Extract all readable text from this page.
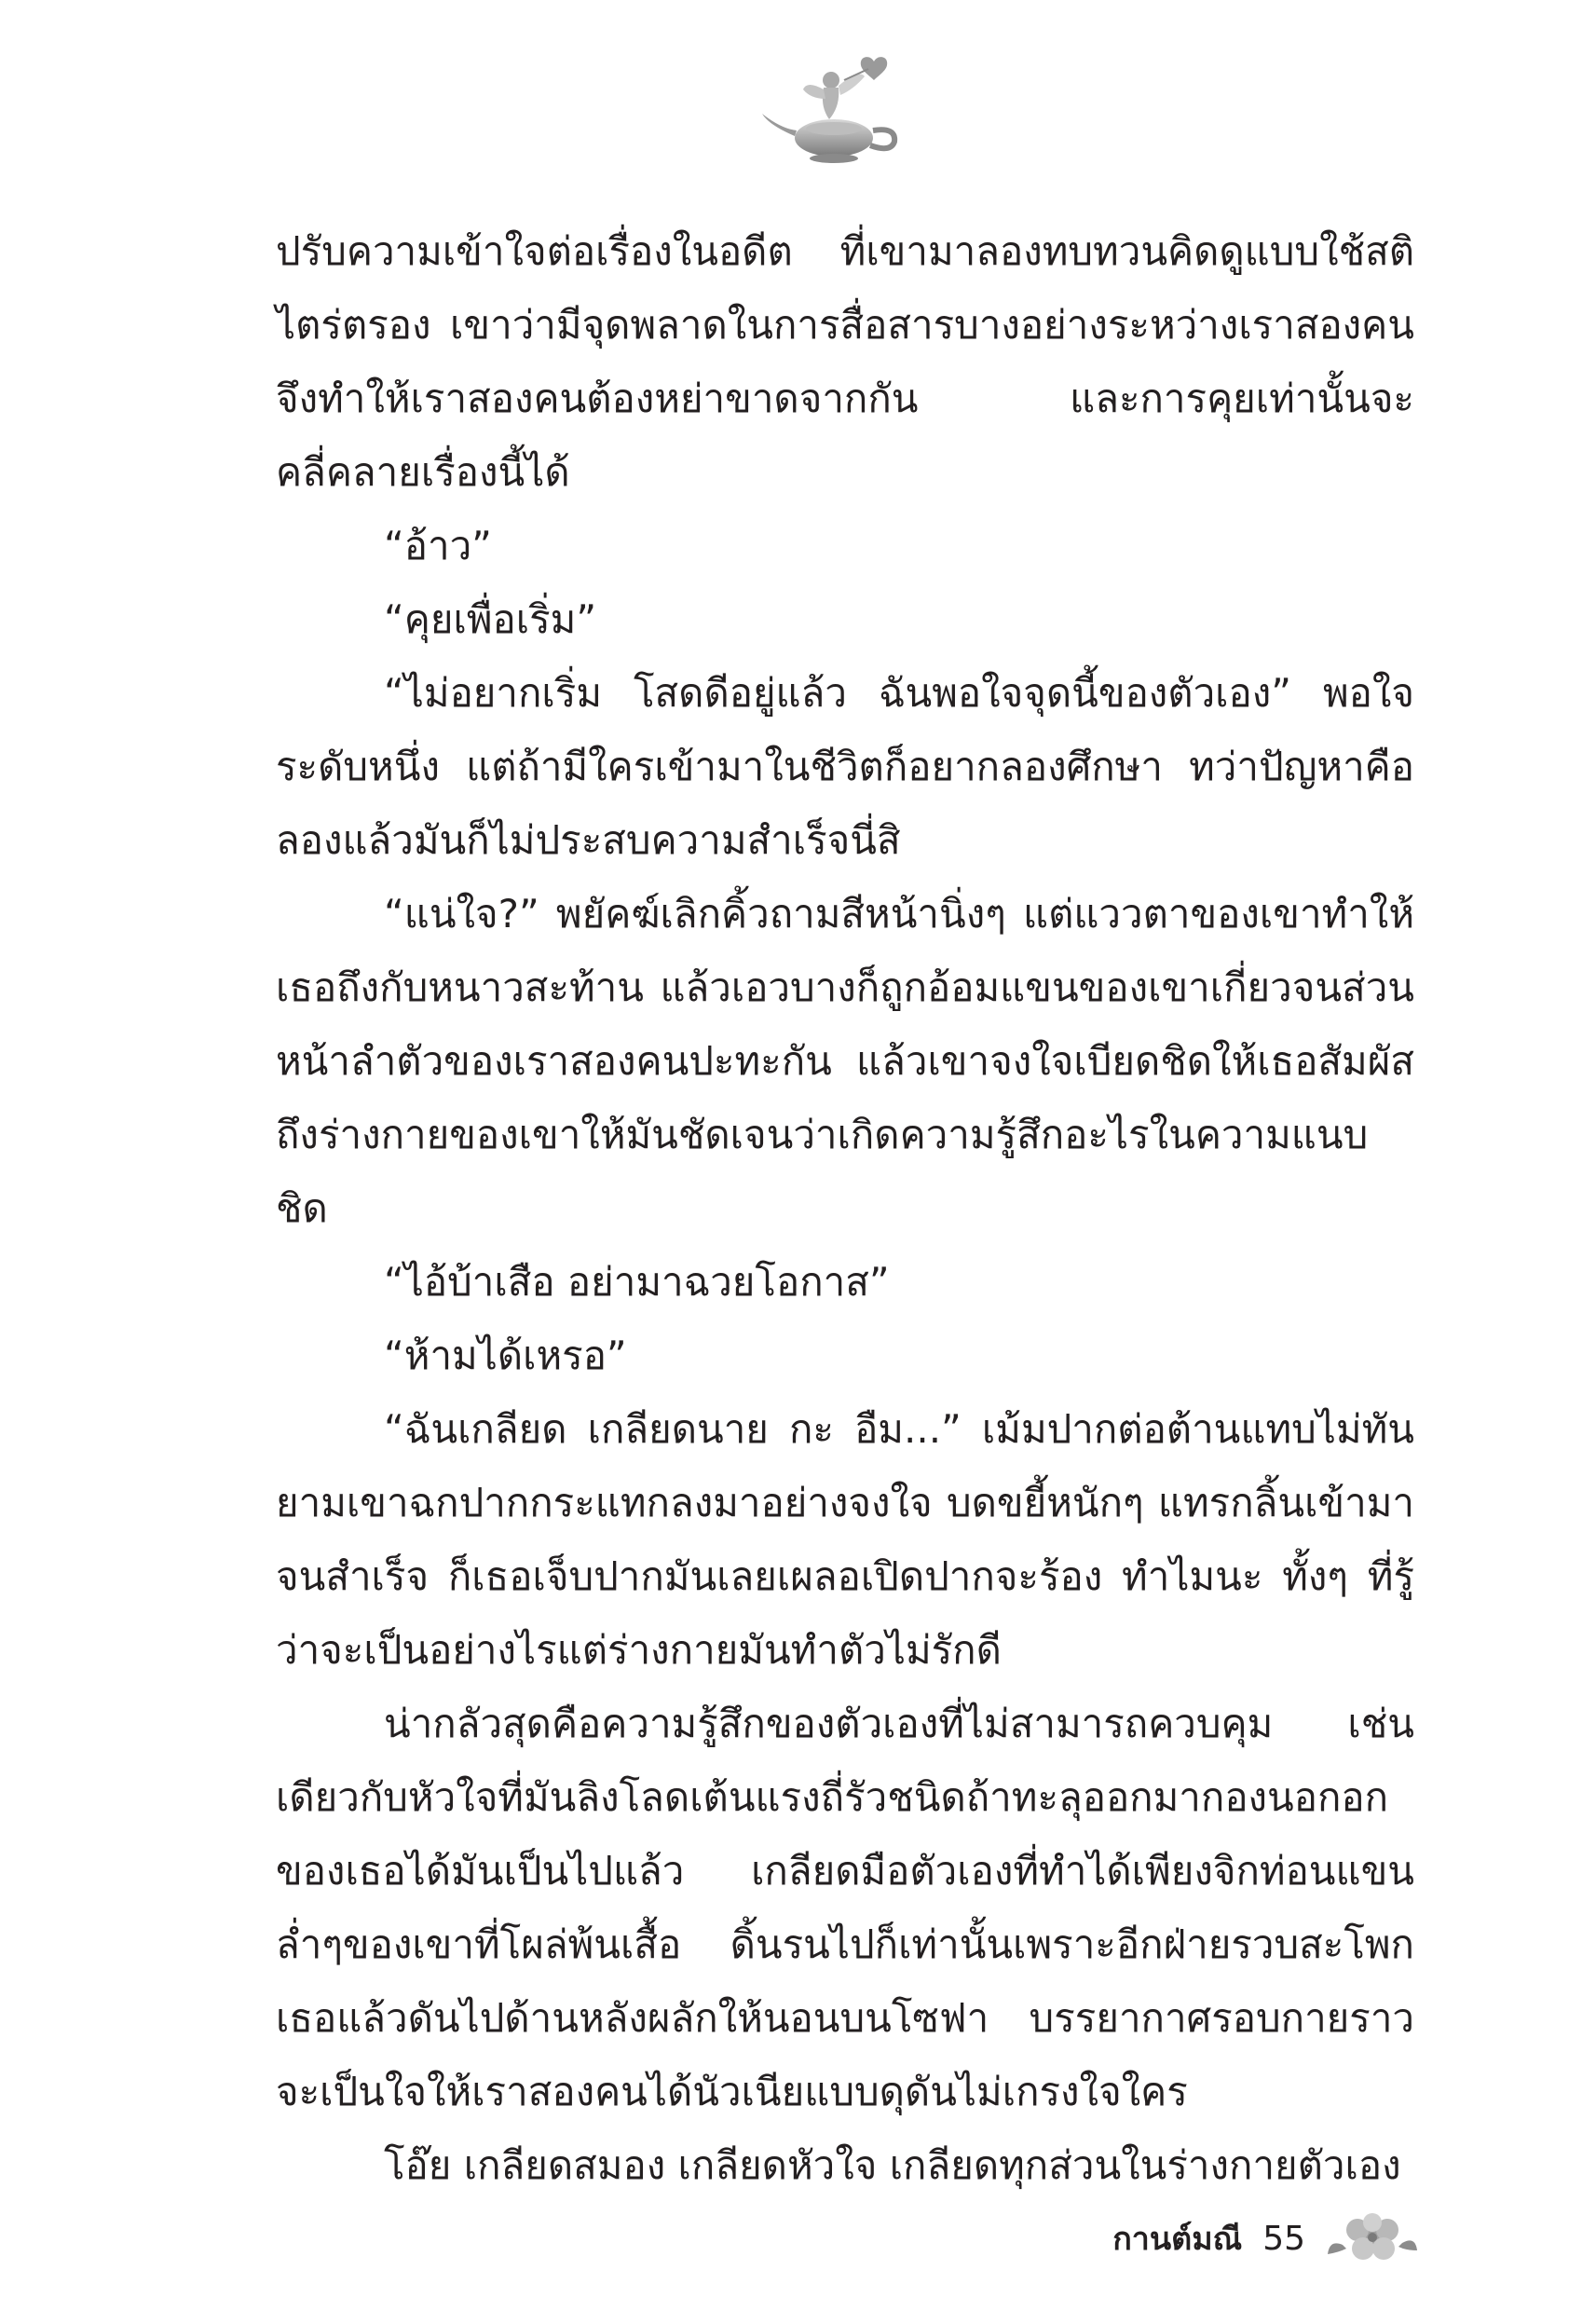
ปรับความเข้าใจต่อเรื่องในอดีต ที่เขามาลองทบทวนคิดดูแบบใช้สติไตร่ตรอง เขาว่ามีจุดพลาดในการสื่อสารบางอย่างระหว่างเราสองคนจึงทำให้เราสองคนต้องหย่าขาดจากกัน และการคุยเท่านั้นจะคลี่คลายเรื่องนี้ได้

“อ้าว”

“คุยเพื่อเริ่ม”

“ไม่อยากเริ่ม โสดดีอยู่แล้ว ฉันพอใจจุดนี้ของตัวเอง” พอใจระดับหนึ่ง แต่ถ้ามีใครเข้ามาในชีวิตก็อยากลองศึกษา ทว่าปัญหาคือลองแล้วมันก็ไม่ประสบความสำเร็จนี่สิ

“แน่ใจ?” พยัคฆ์เลิกคิ้วถามสีหน้านิ่งๆ แต่แววตาของเขาทำให้เธอถึงกับหนาวสะท้าน แล้วเอวบางก็ถูกอ้อมแขนของเขาเกี่ยวจนส่วนหน้าลำตัวของเราสองคนปะทะกัน แล้วเขาจงใจเบียดชิดให้เธอสัมผัสถึงร่างกายของเขาให้มันชัดเจนว่าเกิดความรู้สึกอะไรในความแนบชิด

“ไอ้บ้าเสือ อย่ามาฉวยโอกาส”

“ห้ามได้เหรอ”

“ฉันเกลียด เกลียดนาย กะ อืม...” เม้มปากต่อต้านแทบไม่ทันยามเขาฉกปากกระแทกลงมาอย่างจงใจ บดขยี้หนักๆ แทรกลิ้นเข้ามาจนสำเร็จ ก็เธอเจ็บปากมันเลยเผลอเปิดปากจะร้อง ทำไมนะ ทั้งๆ ที่รู้ว่าจะเป็นอย่างไรแต่ร่างกายมันทำตัวไม่รักดี

น่ากลัวสุดคือความรู้สึกของตัวเองที่ไม่สามารถควบคุม เช่นเดียวกับหัวใจที่มันลิงโลดเต้นแรงถี่รัวชนิดถ้าทะลุออกมากองนอกอกของเธอได้มันเป็นไปแล้ว เกลียดมือตัวเองที่ทำได้เพียงจิกท่อนแขนล่ำๆของเขาที่โผล่พ้นเสื้อ ดิ้นรนไปก็เท่านั้นเพราะอีกฝ่ายรวบสะโพกเธอแล้วดันไปด้านหลังผลักให้นอนบนโซฟา บรรยากาศรอบกายราวจะเป็นใจให้เราสองคนได้นัวเนียแบบดุดันไม่เกรงใจใคร

โอ๊ย เกลียดสมอง เกลียดหัวใจ เกลียดทุกส่วนในร่างกายตัวเอง

กานต์มณี 55
